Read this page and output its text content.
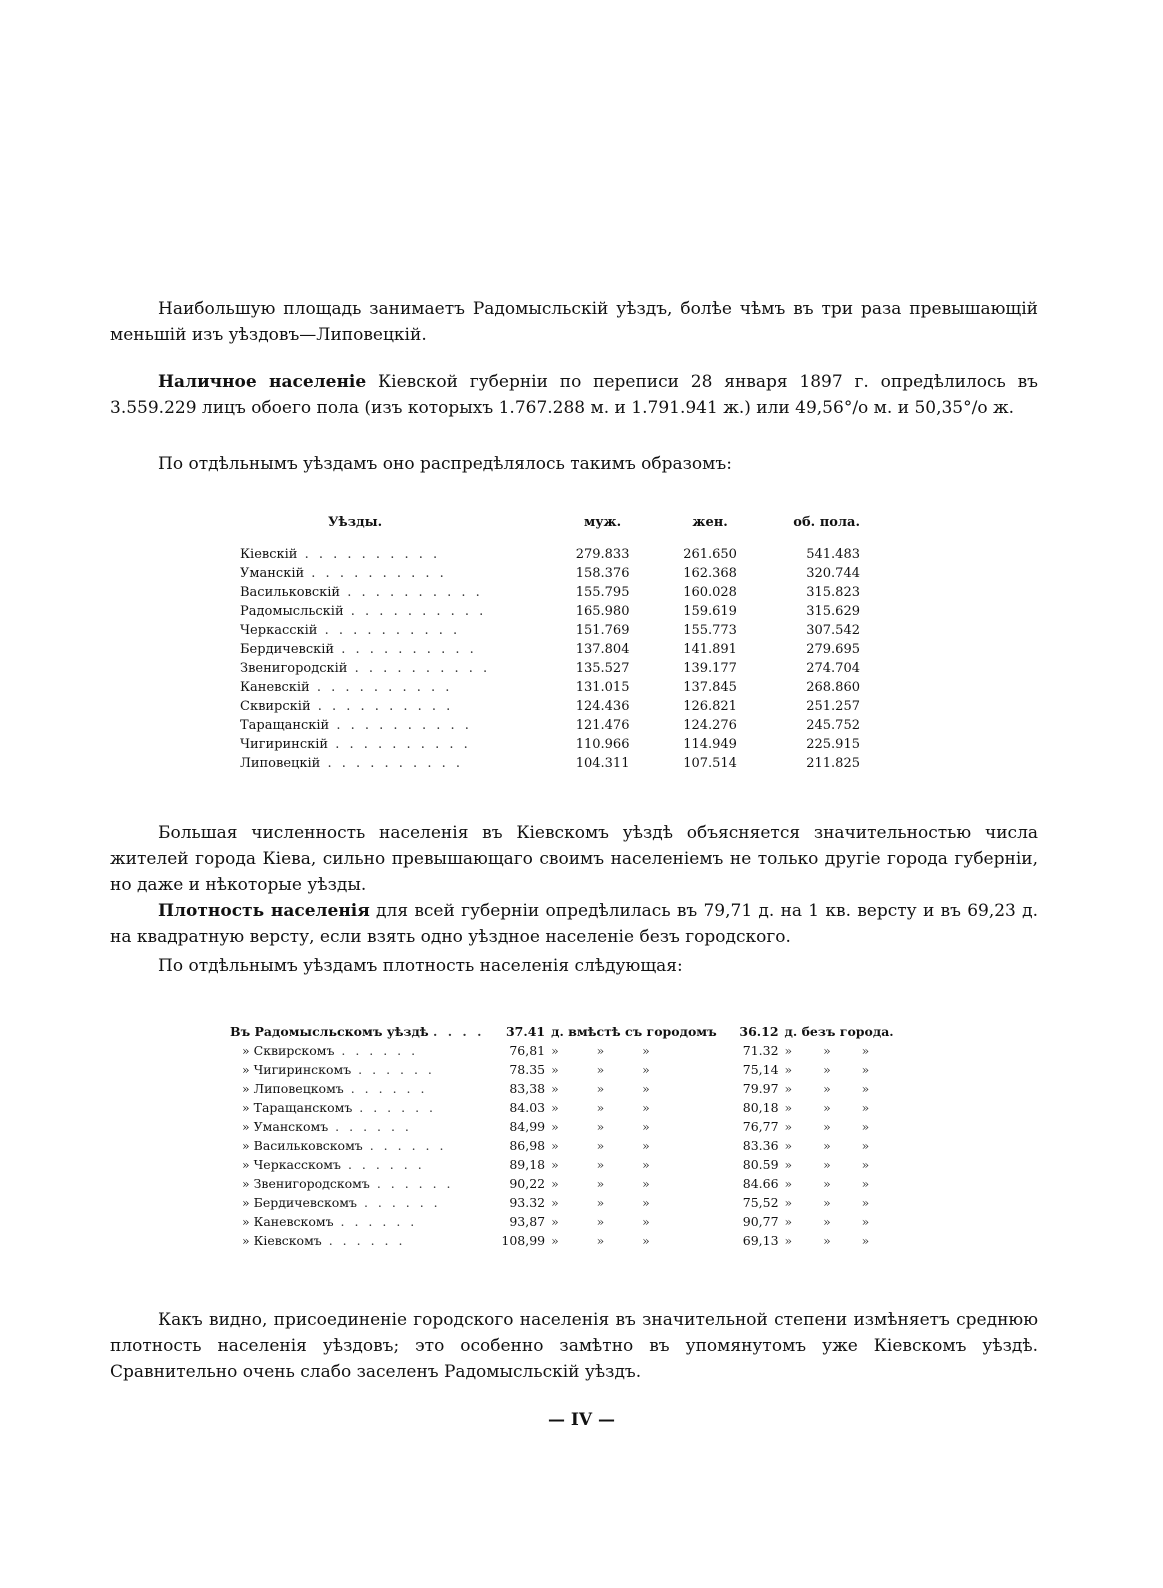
Наибольшую площадь занимаетъ Радомысльскій уѣздъ, болѣе чѣмъ въ три раза превышающій меньшій изъ уѣздовъ—Липовецкій.

Наличное населеніе Кіевской губерніи по переписи 28 января 1897 г. опредѣлилось въ 3.559.229 лицъ обоего пола (изъ которыхъ 1.767.288 м. и 1.791.941 ж.) или 49,56°/о м. и 50,35°/о ж.

По отдѣльнымъ уѣздамъ оно распредѣлялось такимъ образомъ:

Уѣзды.	муж.	жен.	об. пола.
Кіевскій . . . . . . . . . .	279.833	261.650	541.483
Уманскій . . . . . . . . . .	158.376	162.368	320.744
Васильковскій . . . . . . . . . .	155.795	160.028	315.823
Радомысльскій . . . . . . . . . .	165.980	159.619	315.629
Черкасскій . . . . . . . . . .	151.769	155.773	307.542
Бердичевскій . . . . . . . . . .	137.804	141.891	279.695
Звенигородскій . . . . . . . . . .	135.527	139.177	274.704
Каневскій . . . . . . . . . .	131.015	137.845	268.860
Сквирскій . . . . . . . . . .	124.436	126.821	251.257
Таращанскій . . . . . . . . . .	121.476	124.276	245.752
Чигиринскій . . . . . . . . . .	110.966	114.949	225.915
Липовецкій . . . . . . . . . .	104.311	107.514	211.825

Большая численность населенія въ Кіевскомъ уѣздѣ объясняется значительностью числа жителей города Кіева, сильно превышающаго своимъ населеніемъ не только другіе города губерніи, но даже и нѣкоторые уѣзды.

Плотность населенія для всей губерніи опредѣлилась въ 79,71 д. на 1 кв. версту и въ 69,23 д. на квадратную версту, если взять одно уѣздное населеніе безъ городского.

По отдѣльнымъ уѣздамъ плотность населенія слѣдующая:

Въ Радомысльскомъ уѣздѣ . . . .	37.41	д. вмѣстѣ съ городомъ	36.12	д. безъ города.
» Сквирскомъ . . . . . .	76,81	»     »     »	71.32	»    »    »
» Чигиринскомъ . . . . . .	78.35	»     »     »	75,14	»    »    »
» Липовецкомъ . . . . . .	83,38	»     »     »	79.97	»    »    »
» Таращанскомъ . . . . . .	84.03	»     »     »	80,18	»    »    »
» Уманскомъ . . . . . .	84,99	»     »     »	76,77	»    »    »
» Васильковскомъ . . . . . .	86,98	»     »     »	83.36	»    »    »
» Черкасскомъ . . . . . .	89,18	»     »     »	80.59	»    »    »
» Звенигородскомъ . . . . . .	90,22	»     »     »	84.66	»    »    »
» Бердичевскомъ . . . . . .	93.32	»     »     »	75,52	»    »    »
» Каневскомъ . . . . . .	93,87	»     »     »	90,77	»    »    »
» Кіевскомъ . . . . . .	108,99	»     »     »	69,13	»    »    »

Какъ видно, присоединеніе городского населенія въ значительной степени измѣняетъ среднюю плотность населенія уѣздовъ; это особенно замѣтно въ упомянутомъ уже Кіевскомъ уѣздѣ. Сравнительно очень слабо заселенъ Радомысльскій уѣздъ.

— IV —
